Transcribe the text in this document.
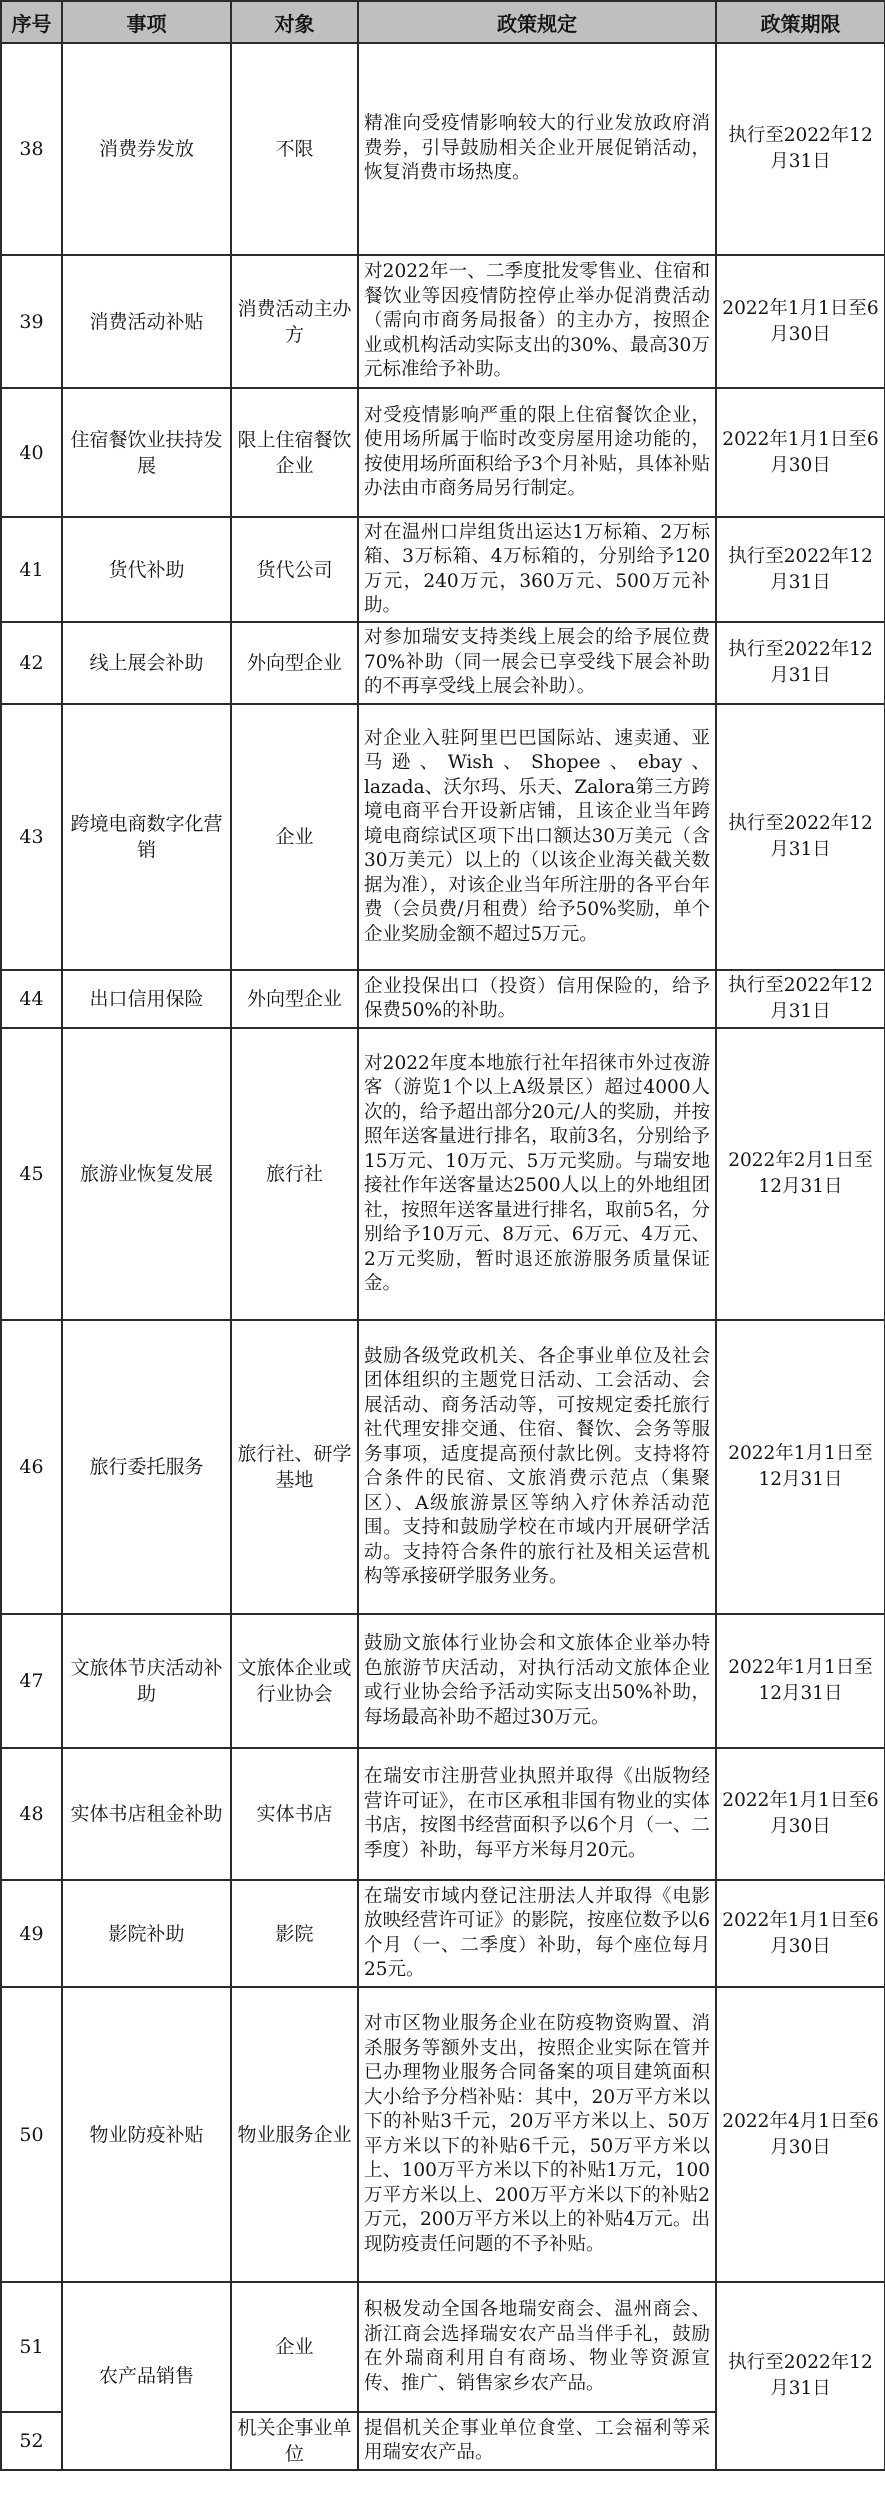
序号	事项	对象	政策规定	政策期限
38	消费券发放	不限	精准向受疫情影响较大的行业发放政府消费券，引导鼓励相关企业开展促销活动，恢复消费市场热度。	执行至2022年12月31日
39	消费活动补贴	消费活动主办方	对2022年一、二季度批发零售业、住宿和餐饮业等因疫情防控停止举办促消费活动（需向市商务局报备）的主办方，按照企业或机构活动实际支出的30%、最高30万元标准给予补助。	2022年1月1日至6月30日
40	住宿餐饮业扶持发展	限上住宿餐饮企业	对受疫情影响严重的限上住宿餐饮企业，使用场所属于临时改变房屋用途功能的，按使用场所面积给予3个月补贴，具体补贴办法由市商务局另行制定。	2022年1月1日至6月30日
41	货代补助	货代公司	对在温州口岸组货出运达1万标箱、2万标箱、3万标箱、4万标箱的，分别给予120万元，240万元，360万元、500万元补助。	执行至2022年12月31日
42	线上展会补助	外向型企业	对参加瑞安支持类线上展会的给予展位费70%补助（同一展会已享受线下展会补助的不再享受线上展会补助）。	执行至2022年12月31日
43	跨境电商数字化营销	企业	对企业入驻阿里巴巴国际站、速卖通、亚马逊、Wish、Shopee、ebay、lazada、沃尔玛、乐天、Zalora第三方跨境电商平台开设新店铺，且该企业当年跨境电商综试区项下出口额达30万美元（含30万美元）以上的（以该企业海关截关数据为准），对该企业当年所注册的各平台年费（会员费/月租费）给予50%奖励，单个企业奖励金额不超过5万元。	执行至2022年12月31日
44	出口信用保险	外向型企业	企业投保出口（投资）信用保险的，给予保费50%的补助。	执行至2022年12月31日
45	旅游业恢复发展	旅行社	对2022年度本地旅行社年招徕市外过夜游客（游览1个以上A级景区）超过4000人次的，给予超出部分20元/人的奖励，并按照年送客量进行排名，取前3名，分别给予15万元、10万元、5万元奖励。与瑞安地接社作年送客量达2500人以上的外地组团社，按照年送客量进行排名，取前5名，分别给予10万元、8万元、6万元、4万元、2万元奖励，暂时退还旅游服务质量保证金。	2022年2月1日至12月31日
46	旅行委托服务	旅行社、研学基地	鼓励各级党政机关、各企事业单位及社会团体组织的主题党日活动、工会活动、会展活动、商务活动等，可按规定委托旅行社代理安排交通、住宿、餐饮、会务等服务事项，适度提高预付款比例。支持将符合条件的民宿、文旅消费示范点（集聚区）、A级旅游景区等纳入疗休养活动范围。支持和鼓励学校在市域内开展研学活动。支持符合条件的旅行社及相关运营机构等承接研学服务业务。	2022年1月1日至12月31日
47	文旅体节庆活动补助	文旅体企业或行业协会	鼓励文旅体行业协会和文旅体企业举办特色旅游节庆活动，对执行活动文旅体企业或行业协会给予活动实际支出50%补助，每场最高补助不超过30万元。	2022年1月1日至12月31日
48	实体书店租金补助	实体书店	在瑞安市注册营业执照并取得《出版物经营许可证》，在市区承租非国有物业的实体书店，按图书经营面积予以6个月（一、二季度）补助，每平方米每月20元。	2022年1月1日至6月30日
49	影院补助	影院	在瑞安市域内登记注册法人并取得《电影放映经营许可证》的影院，按座位数予以6个月（一、二季度）补助，每个座位每月25元。	2022年1月1日至6月30日
50	物业防疫补贴	物业服务企业	对市区物业服务企业在防疫物资购置、消杀服务等额外支出，按照企业实际在管并已办理物业服务合同备案的项目建筑面积大小给予分档补贴：其中，20万平方米以下的补贴3千元，20万平方米以上、50万平方米以下的补贴6千元，50万平方米以上、100万平方米以下的补贴1万元，100万平方米以上、200万平方米以下的补贴2万元，200万平方米以上的补贴4万元。出现防疫责任问题的不予补贴。	2022年4月1日至6月30日
51	农产品销售	企业	积极发动全国各地瑞安商会、温州商会、浙江商会选择瑞安农产品当伴手礼，鼓励在外瑞商利用自有商场、物业等资源宣传、推广、销售家乡农产品。	执行至2022年12月31日
52		机关企事业单位	提倡机关企事业单位食堂、工会福利等采用瑞安农产品。	
